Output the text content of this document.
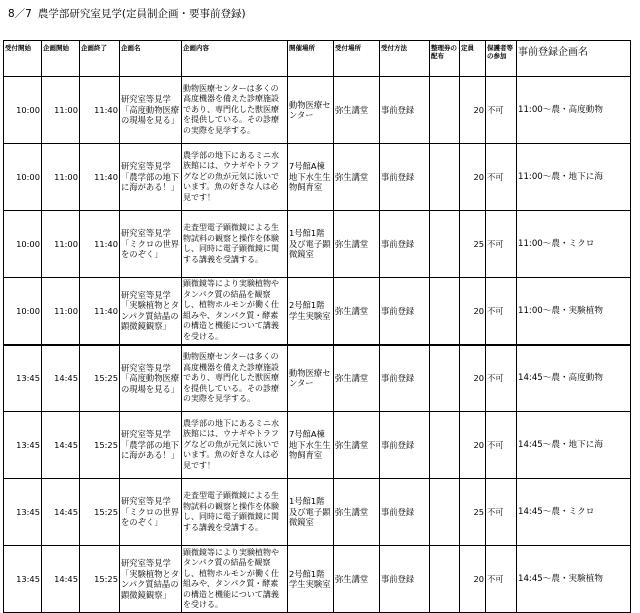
8／7 農学部研究室見学(定員制企画・要事前登録)
受付開始	企画開始	企画終了	企画名	企画内容	開催場所	受付場所	受付方法	整理券の配布	定員	保護者等の参加	事前登録企画名
10:00	11:00	11:40	研究室等見学「高度動物医療の現場を見る」	動物医療センターは多くの高度機器を備えた診療施設であり、専門化した獣医療を提供している。その診療の実際を見学する。	動物医療センター	弥生講堂	事前登録		20	不可	11:00～農・高度動物
10:00	11:00	11:40	研究室等見学「農学部の地下に海がある！」	農学部の地下にあるミニ水族館には、ウナギやトラフグなどの魚が元気に泳いでいます。魚の好きな人は必見です！	7号館A棟地下水生生物飼育室	弥生講堂	事前登録		20	不可	11:00～農・地下に海
10:00	11:00	11:40	研究室等見学「ミクロの世界をのぞく」	走査型電子顕微鏡による生物試料の観察と操作を体験し、同時に電子顕微鏡に関する講義を受講する。	1号館1階及び電子顕微鏡室	弥生講堂	事前登録		25	不可	11:00～農・ミクロ
10:00	11:00	11:40	研究室等見学「実験植物とタンパク質結晶の顕微鏡観察」	顕微鏡等により実験植物やタンパク質の結晶を観察し、植物ホルモンが働く仕組みや、タンパク質・酵素の構造と機能について講義を受ける。	2号館1階学生実験室	弥生講堂	事前登録		20	不可	11:00～農・実験植物
13:45	14:45	15:25	研究室等見学「高度動物医療の現場を見る」	動物医療センターは多くの高度機器を備えた診療施設であり、専門化した獣医療を提供している。その診療の実際を見学する。	動物医療センター	弥生講堂	事前登録		20	不可	14:45～農・高度動物
13:45	14:45	15:25	研究室等見学「農学部の地下に海がある！」	農学部の地下にあるミニ水族館には、ウナギやトラフグなどの魚が元気に泳いでいます。魚の好きな人は必見です！	7号館A棟地下水生生物飼育室	弥生講堂	事前登録		20	不可	14:45～農・地下に海
13:45	14:45	15:25	研究室等見学「ミクロの世界をのぞく」	走査型電子顕微鏡による生物試料の観察と操作を体験し、同時に電子顕微鏡に関する講義を受講する。	1号館1階及び電子顕微鏡室	弥生講堂	事前登録		25	不可	14:45～農・ミクロ
13:45	14:45	15:25	研究室等見学「実験植物とタンパク質結晶の顕微鏡観察」	顕微鏡等により実験植物やタンパク質の結晶を観察し、植物ホルモンが働く仕組みや、タンパク質・酵素の構造と機能について講義を受ける。	2号館1階学生実験室	弥生講堂	事前登録		20	不可	14:45～農・実験植物
